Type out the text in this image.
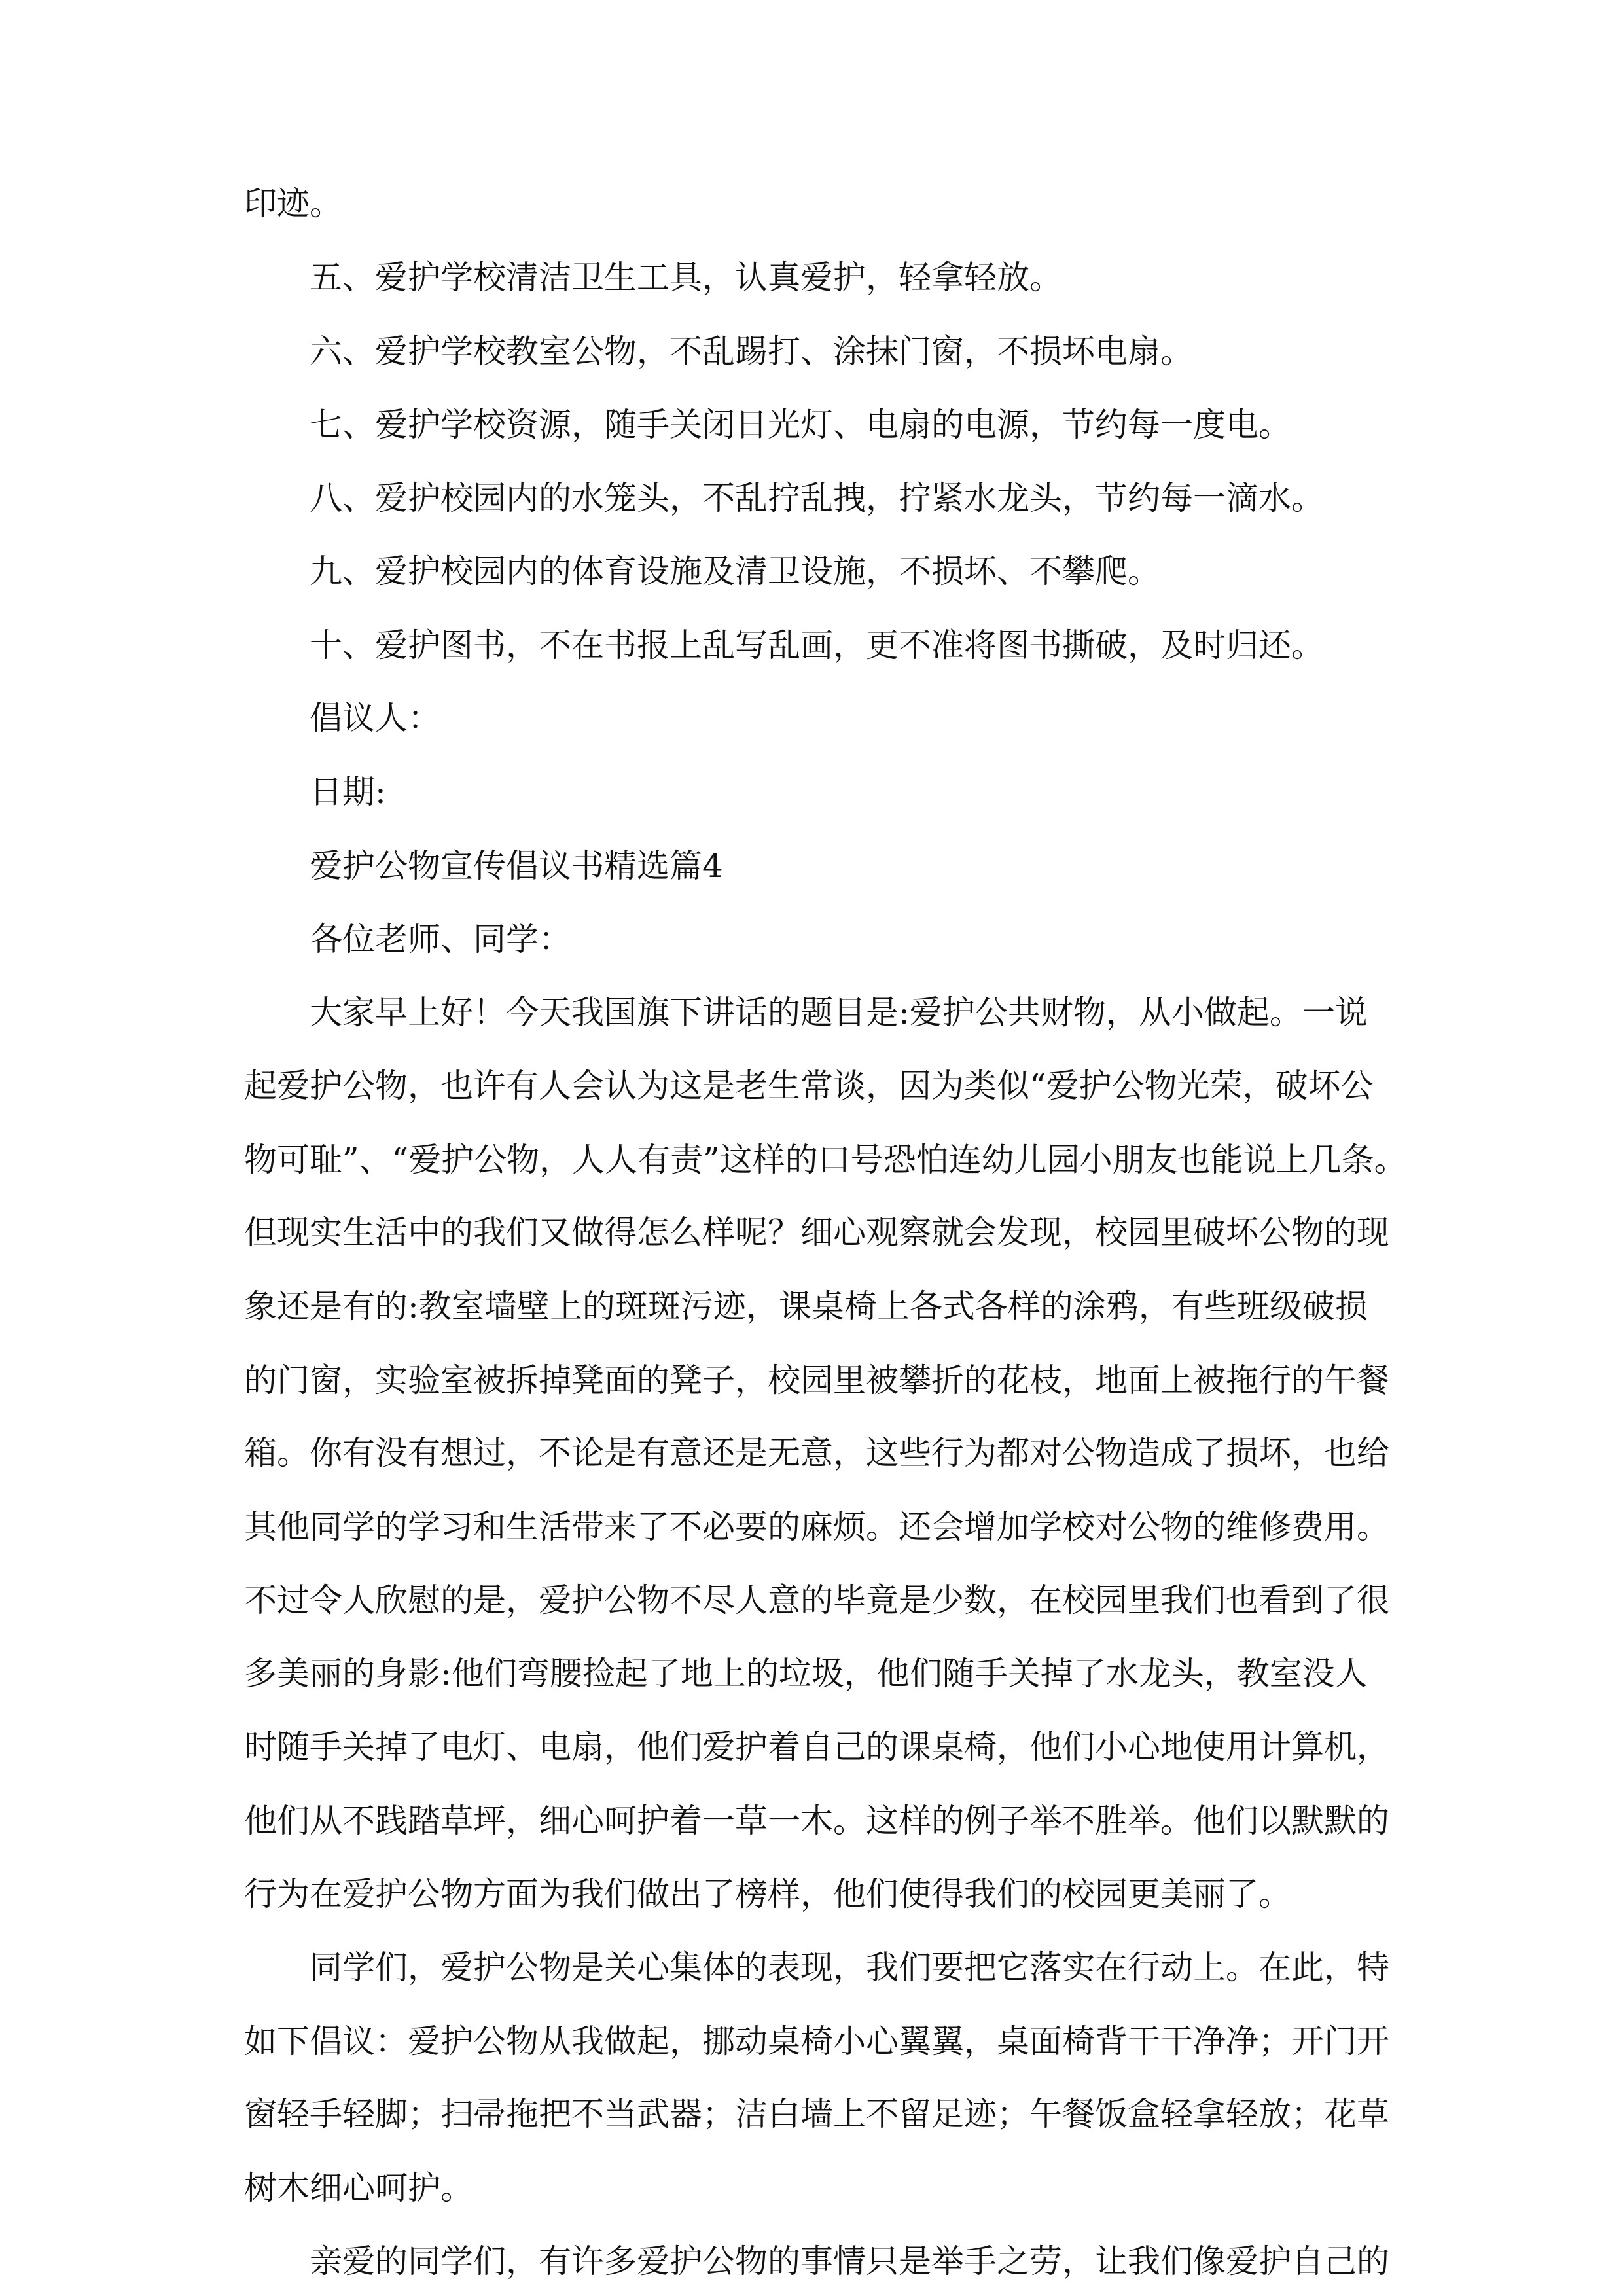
印迹。

五、爱护学校清洁卫生工具，认真爱护，轻拿轻放。

六、爱护学校教室公物，不乱踢打、涂抹门窗，不损坏电扇。

七、爱护学校资源，随手关闭日光灯、电扇的电源，节约每一度电。

八、爱护校园内的水笼头，不乱拧乱拽，拧紧水龙头，节约每一滴水。

九、爱护校园内的体育设施及清卫设施，不损坏、不攀爬。

十、爱护图书，不在书报上乱写乱画，更不准将图书撕破，及时归还。

倡议人：

日期:

爱护公物宣传倡议书精选篇4

各位老师、同学：

大家早上好！今天我国旗下讲话的题目是:爱护公共财物，从小做起。一说

起爱护公物，也许有人会认为这是老生常谈，因为类似“爱护公物光荣，破坏公

物可耻”、“爱护公物，人人有责”这样的口号恐怕连幼儿园小朋友也能说上几条。

但现实生活中的我们又做得怎么样呢？细心观察就会发现，校园里破坏公物的现

象还是有的:教室墙壁上的斑斑污迹，课桌椅上各式各样的涂鸦，有些班级破损

的门窗，实验室被拆掉凳面的凳子，校园里被攀折的花枝，地面上被拖行的午餐

箱。你有没有想过，不论是有意还是无意，这些行为都对公物造成了损坏，也给

其他同学的学习和生活带来了不必要的麻烦。还会增加学校对公物的维修费用。

不过令人欣慰的是，爱护公物不尽人意的毕竟是少数，在校园里我们也看到了很

多美丽的身影:他们弯腰捡起了地上的垃圾，他们随手关掉了水龙头，教室没人

时随手关掉了电灯、电扇，他们爱护着自己的课桌椅，他们小心地使用计算机，

他们从不践踏草坪，细心呵护着一草一木。这样的例子举不胜举。他们以默默的

行为在爱护公物方面为我们做出了榜样，他们使得我们的校园更美丽了。

同学们，爱护公物是关心集体的表现，我们要把它落实在行动上。在此，特

如下倡议：爱护公物从我做起，挪动桌椅小心翼翼，桌面椅背干干净净；开门开

窗轻手轻脚；扫帚拖把不当武器；洁白墙上不留足迹；午餐饭盒轻拿轻放；花草

树木细心呵护。

亲爱的同学们，有许多爱护公物的事情只是举手之劳，让我们像爱护自己的
